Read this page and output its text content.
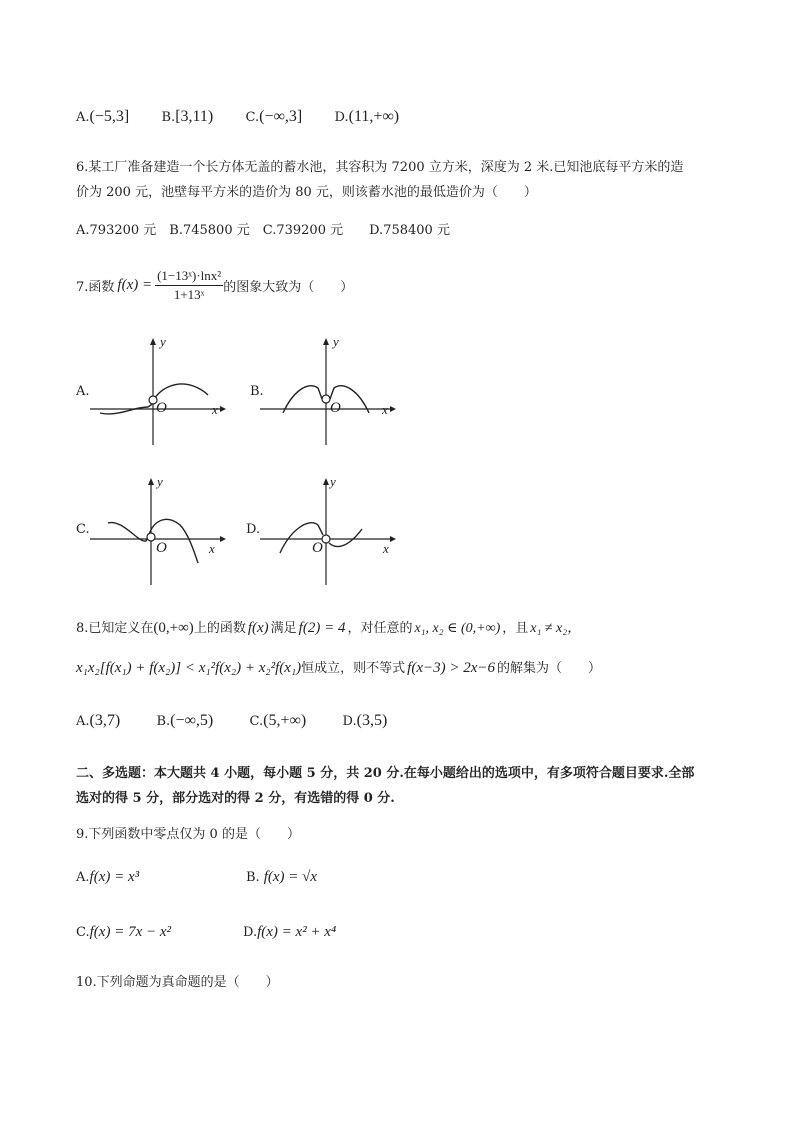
A.(−5,3] B.[3,11) C.(−∞,3] D.(11,+∞)
6.某工厂准备建造一个长方体无盖的蓄水池，其容积为 7200 立方米，深度为 2 米.已知池底每平方米的造
价为 200 元，池壁每平方米的造价为 80 元，则该蓄水池的最低造价为（　　）
A.793200 元　B.745800 元　C.739200 元　　D.758400 元
7.函数 $f(x) = \frac{\text{(1−13ˣ)·lnx²}}{\text{1+13ˣ}}$ 的图象大致为（　　）
A.
y
x
O
B.
y
x
O
C.
y
x
O
D.
y
x
O
8.已知定义在(0,+∞)上的函数 f(x) 满足 f(2) = 4 ，对任意的 x₁, x₂ ∈ (0,+∞) ，且 x₁ ≠ x₂，
x₁x₂[f(x₁) + f(x₂)] < x₁²f(x₂) + x₂²f(x₁)恒成立，则不等式 f(x−3) > 2x−6 的解集为（　　）
A.(3,7)	B.(−∞,5)	C.(5,+∞)	D.(3,5)
二、多选题：本大题共 4 小题，每小题 5 分，共 20 分.在每小题给出的选项中，有多项符合题目要求.全部
选对的得 5 分，部分选对的得 2 分，有选错的得 0 分.
9.下列函数中零点仅为 0 的是（　　）
A.f(x) = x³	B. f(x) = √x
C.f(x) = 7x − x²	D.f(x) = x² + x⁴
10.下列命题为真命题的是（　　）
